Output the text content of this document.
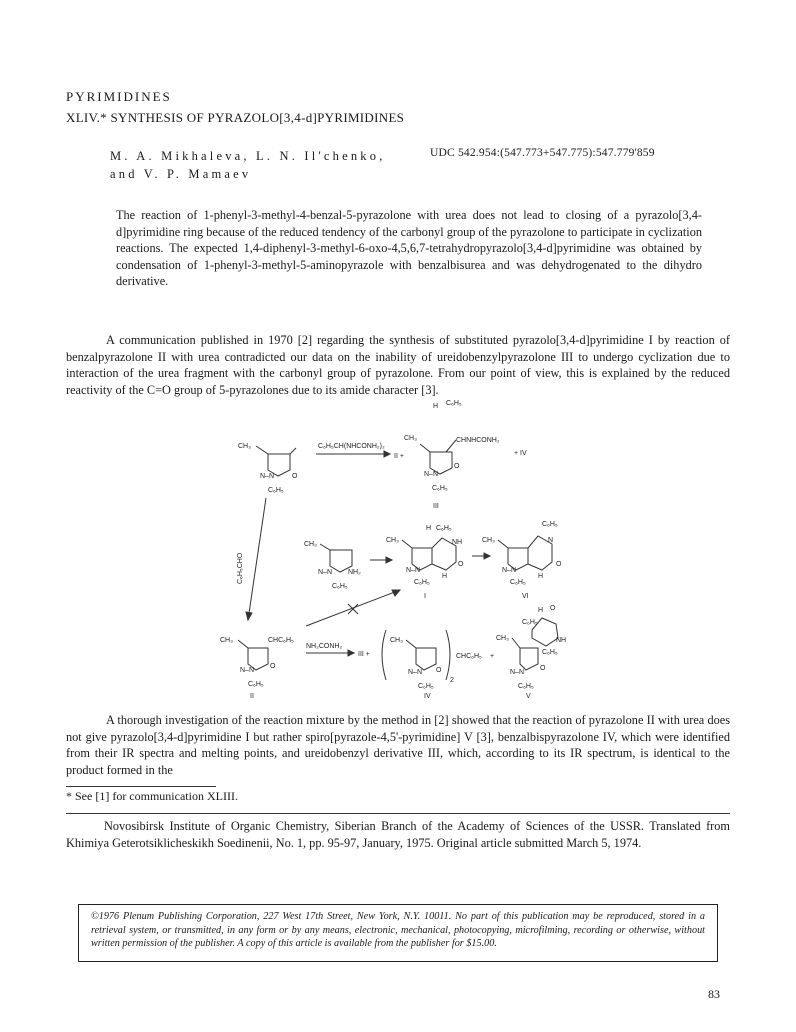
PYRIMIDINES
XLIV.* SYNTHESIS OF PYRAZOLO[3,4-d]PYRIMIDINES
M. A. Mikhaleva, L. N. Il'chenko,
and V. P. Mamaev
UDC 542.954:(547.773+547.775):547.779'859
The reaction of 1-phenyl-3-methyl-4-benzal-5-pyrazolone with urea does not lead to closing of a pyrazolo[3,4-d]pyrimidine ring because of the reduced tendency of the carbonyl group of the pyrazolone to participate in cyclization reactions. The expected 1,4-diphenyl-3-methyl-6-oxo-4,5,6,7-tetrahydropyrazolo[3,4-d]pyrimidine was obtained by condensation of 1-phenyl-3-methyl-5-aminopyrazole with benzalbisurea and was dehydrogenated to the dihydro derivative.
A communication published in 1970 [2] regarding the synthesis of substituted pyrazolo[3,4-d]pyrimidine I by reaction of benzalpyrazolone II with urea contradicted our data on the inability of ureidobenzylpyrazolone III to undergo cyclization due to interaction of the urea fragment with the carbonyl group of pyrazolone. From our point of view, this is explained by the reduced reactivity of the C=O group of 5-pyrazolones due to its amide character [3].
CH₃
N–N	O
C₆H₅
C₆H₅CH(NHCONH₂)₂
II +
H C₆H₅
CH₃	CHNHCONH₂
N–N
O
C₆H₅
III
+ IV
CH₃
N–N NH₂
C₆H₅
H C₆H₅
CH₃	NH
N–N
O
H
C₆H₅
I
C₆H₅
CH₃	N
N–N
O
H
C₆H₅
VI
C₆H₅CHO
CH₃	CHC₆H₅
N–N
O
C₆H₅
II
NH₂CONH₂
III +
CH₃
N–N O
C₆H₅
2
CHC₆H₅
IV
+
H O
C₆H₅
NH
CH₃
C₆H₅
N–N
O
C₆H₅
V
A thorough investigation of the reaction mixture by the method in [2] showed that the reaction of pyrazolone II with urea does not give pyrazolo[3,4-d]pyrimidine I but rather spiro[pyrazole-4,5'-pyrimidine] V [3], benzalbispyrazolone IV, which were identified from their IR spectra and melting points, and ureidobenzyl derivative III, which, according to its IR spectrum, is identical to the product formed in the
* See [1] for communication XLIII.
Novosibirsk Institute of Organic Chemistry, Siberian Branch of the Academy of Sciences of the USSR. Translated from Khimiya Geterotsiklicheskikh Soedinenii, No. 1, pp. 95-97, January, 1975. Original article submitted March 5, 1974.
©1976 Plenum Publishing Corporation, 227 West 17th Street, New York, N.Y. 10011. No part of this publication may be reproduced, stored in a retrieval system, or transmitted, in any form or by any means, electronic, mechanical, photocopying, microfilming, recording or otherwise, without written permission of the publisher. A copy of this article is available from the publisher for $15.00.
83
